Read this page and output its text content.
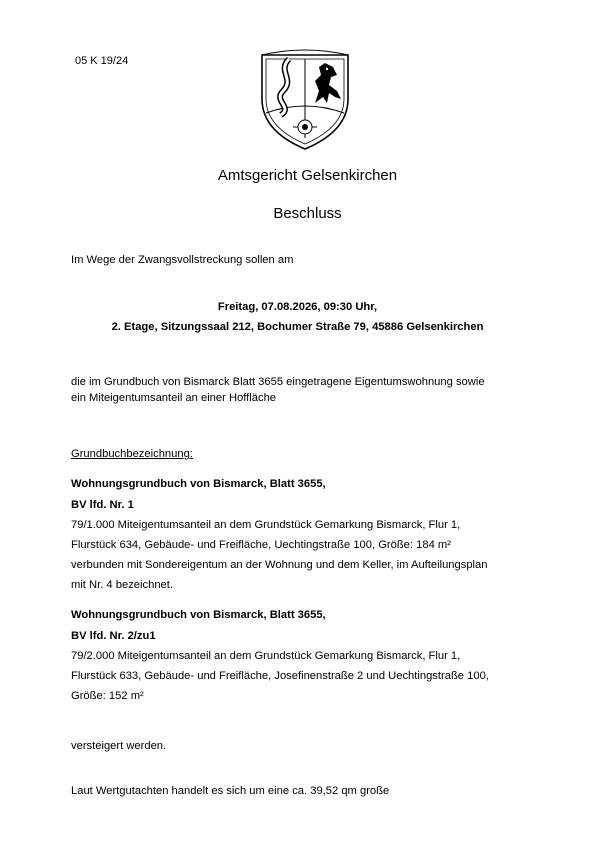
05 K 19/24
Amtsgericht Gelsenkirchen
Beschluss
Im Wege der Zwangsvollstreckung sollen am
Freitag, 07.08.2026, 09:30 Uhr,
2. Etage, Sitzungssaal 212, Bochumer Straße 79, 45886 Gelsenkirchen
die im Grundbuch von Bismarck Blatt 3655 eingetragene Eigentumswohnung sowie
ein Miteigentumsanteil an einer Hoffläche
Grundbuchbezeichnung:
Wohnungsgrundbuch von Bismarck, Blatt 3655,
BV lfd. Nr. 1
79/1.000 Miteigentumsanteil an dem Grundstück Gemarkung Bismarck, Flur 1,
Flurstück 634, Gebäude- und Freifläche, Uechtingstraße 100, Größe: 184 m²
verbunden mit Sondereigentum an der Wohnung und dem Keller, im Aufteilungsplan
mit Nr. 4 bezeichnet.
Wohnungsgrundbuch von Bismarck, Blatt 3655,
BV lfd. Nr. 2/zu1
79/2.000 Miteigentumsanteil an dem Grundstück Gemarkung Bismarck, Flur 1,
Flurstück 633, Gebäude- und Freifläche, Josefinenstraße 2 und Uechtingstraße 100,
Größe: 152 m²
versteigert werden.
Laut Wertgutachten handelt es sich um eine ca. 39,52 qm große
